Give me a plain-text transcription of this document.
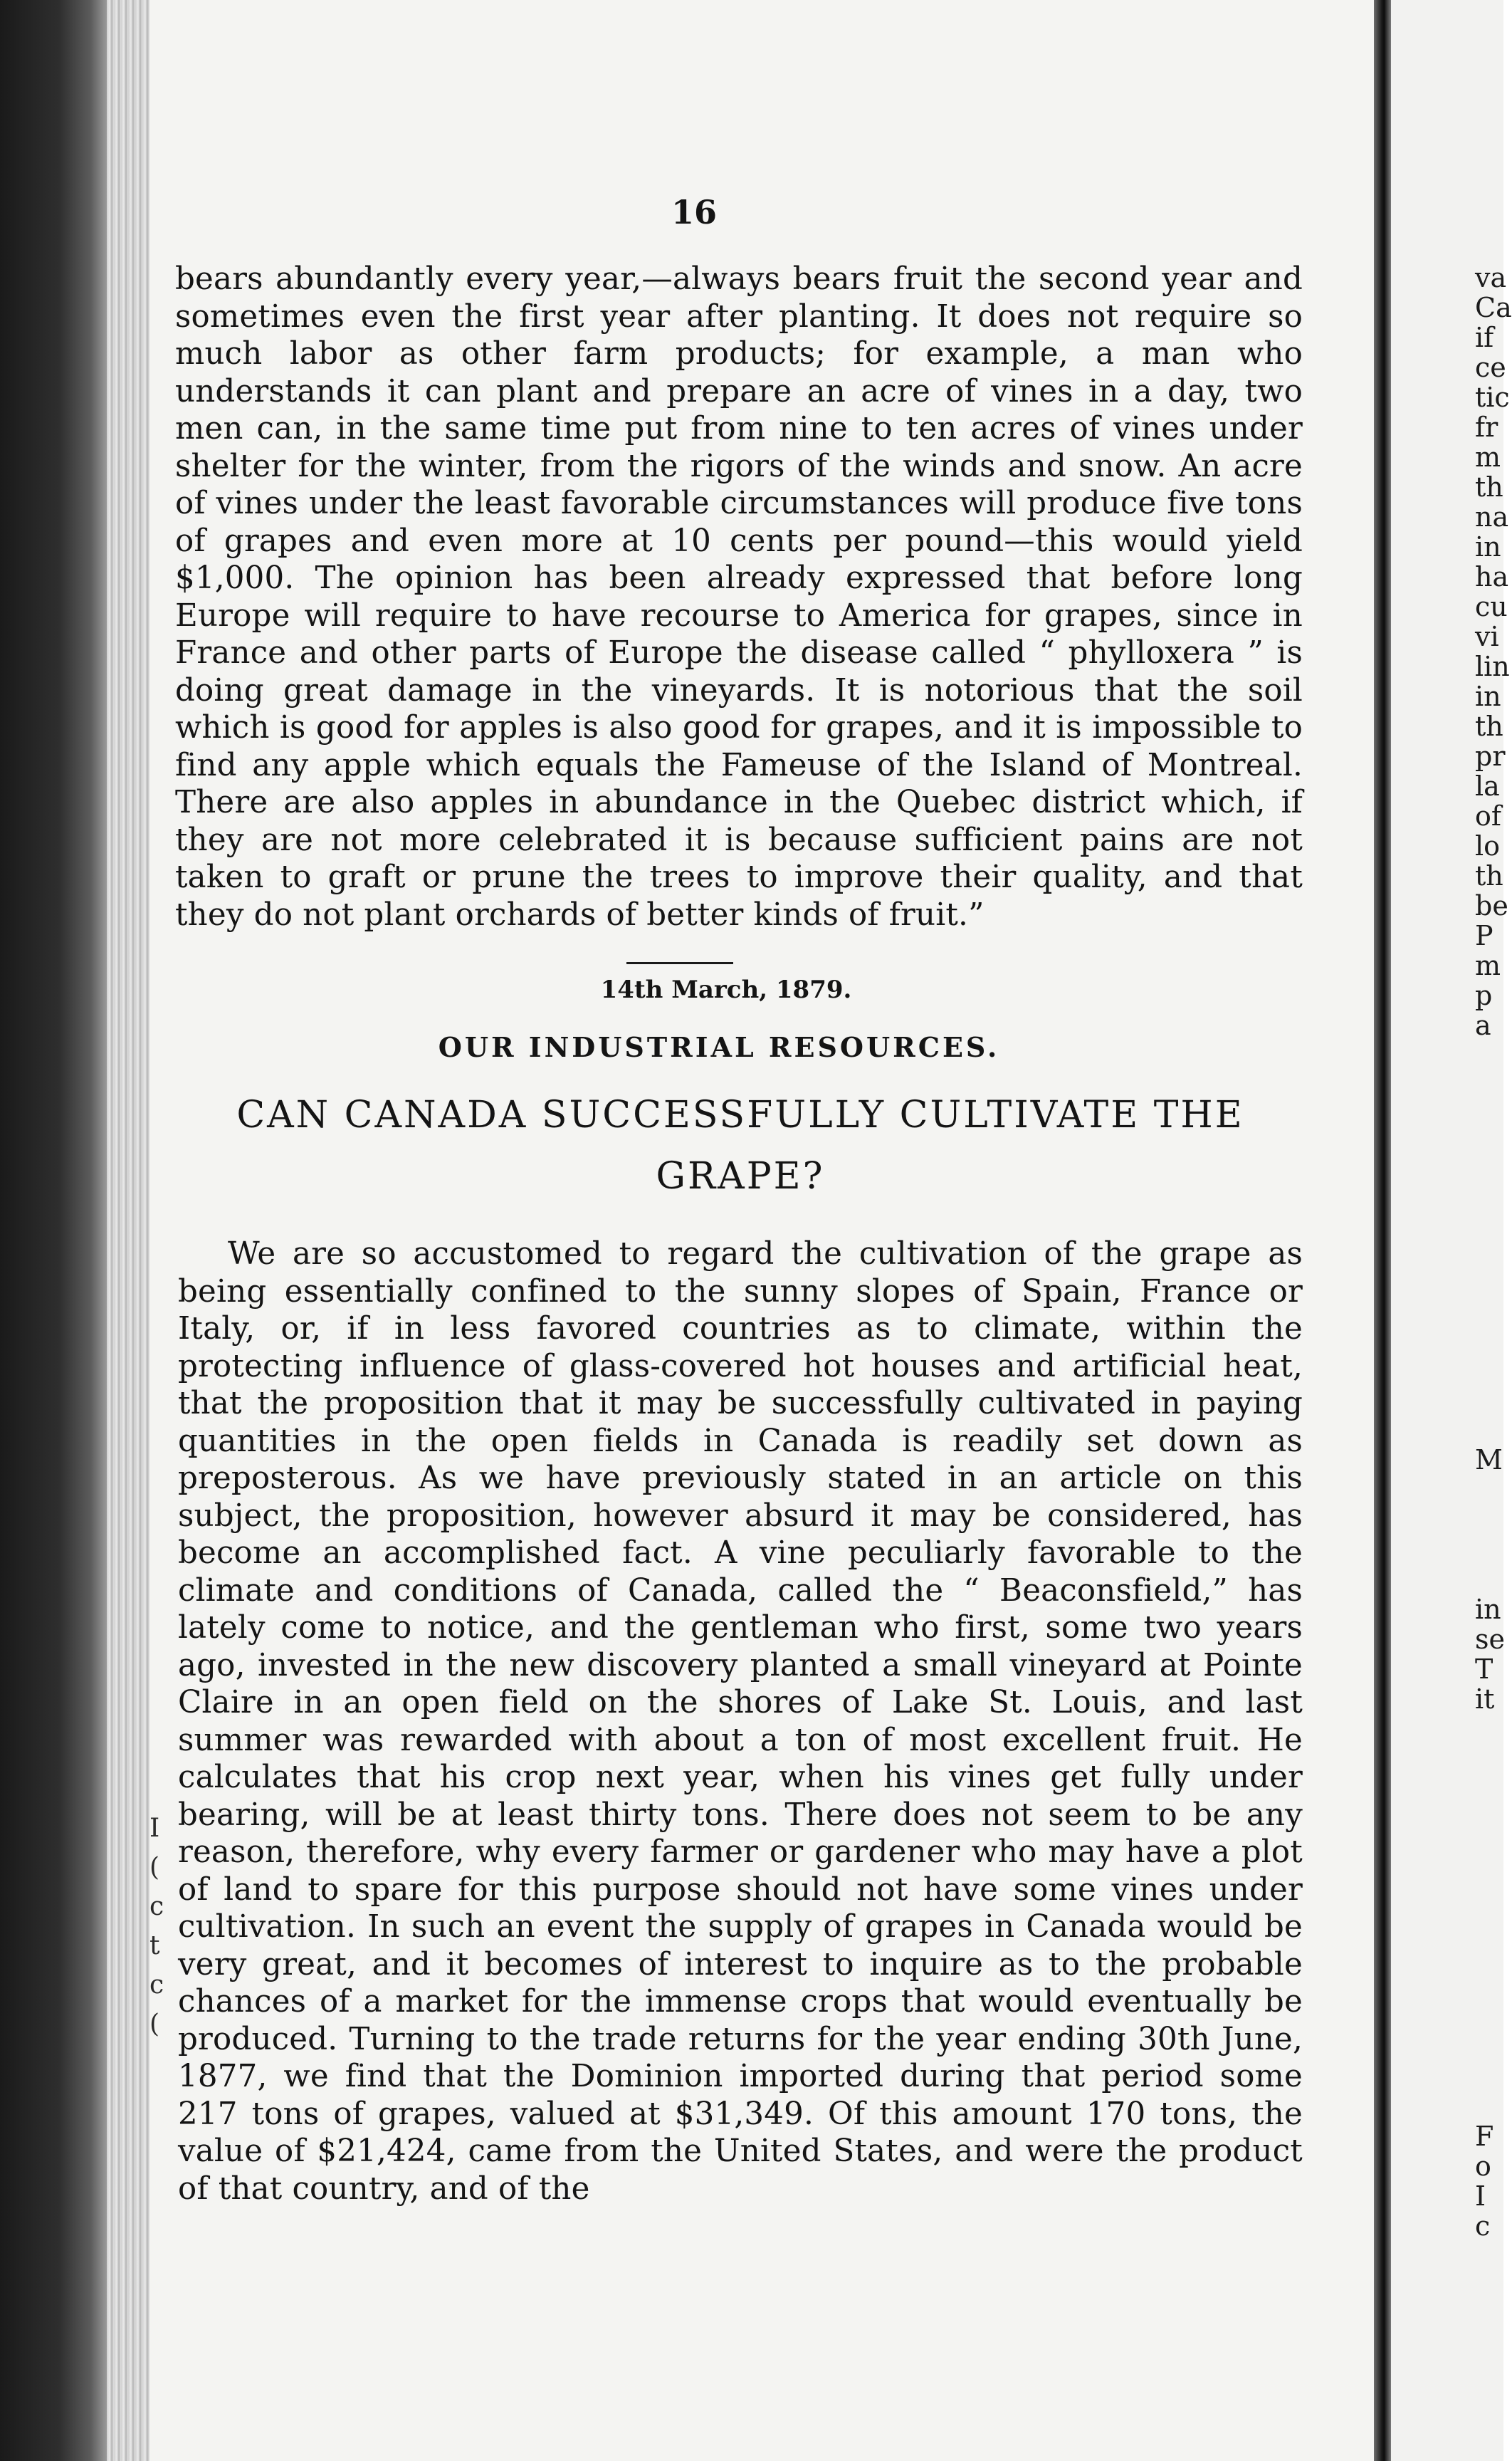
I
(
c
t
c
(
16

bears abundantly every year,—always bears fruit the second year and sometimes even the first year after planting. It does not require so much labor as other farm products; for example, a man who understands it can plant and prepare an acre of vines in a day, two men can, in the same time put from nine to ten acres of vines under shelter for the winter, from the rigors of the winds and snow. An acre of vines under the least favorable circumstances will produce five tons of grapes and even more at 10 cents per pound—this would yield $1,000. The opinion has been already expressed that before long Europe will require to have recourse to America for grapes, since in France and other parts of Europe the disease called “ phylloxera ” is doing great damage in the vineyards. It is notorious that the soil which is good for apples is also good for grapes, and it is impossible to find any apple which equals the Fameuse of the Island of Montreal. There are also apples in abundance in the Quebec district which, if they are not more celebrated it is because sufficient pains are not taken to graft or prune the trees to improve their quality, and that they do not plant orchards of better kinds of fruit.”

14th March, 1879.
OUR INDUSTRIAL RESOURCES.
CAN CANADA SUCCESSFULLY CULTIVATE THE GRAPE?

We are so accustomed to regard the cultivation of the grape as being essentially confined to the sunny slopes of Spain, France or Italy, or, if in less favored countries as to climate, within the protecting influence of glass-covered hot houses and artificial heat, that the proposition that it may be successfully cultivated in paying quantities in the open fields in Canada is readily set down as preposterous. As we have previously stated in an article on this subject, the proposition, however absurd it may be considered, has become an accomplished fact. A vine peculiarly favorable to the climate and conditions of Canada, called the “ Beaconsfield,” has lately come to notice, and the gentleman who first, some two years ago, invested in the new discovery planted a small vineyard at Pointe Claire in an open field on the shores of Lake St. Louis, and last summer was rewarded with about a ton of most excellent fruit. He calculates that his crop next year, when his vines get fully under bearing, will be at least thirty tons. There does not seem to be any reason, therefore, why every farmer or gardener who may have a plot of land to spare for this purpose should not have some vines under cultivation. In such an event the supply of grapes in Canada would be very great, and it becomes of interest to inquire as to the probable chances of a market for the immense crops that would eventually be produced. Turning to the trade returns for the year ending 30th June, 1877, we find that the Dominion imported during that period some 217 tons of grapes, valued at $31,349. Of this amount 170 tons, the value of $21,424, came from the United States, and were the product of that country, and of the

va
Ca
if
ce
tic
fr
m
th
na
in
ha
cu
vi
lin
in
th
pr
la
of
lo
th
be
P
m
p
a
M
in
se
T
it
F
o
I
c
